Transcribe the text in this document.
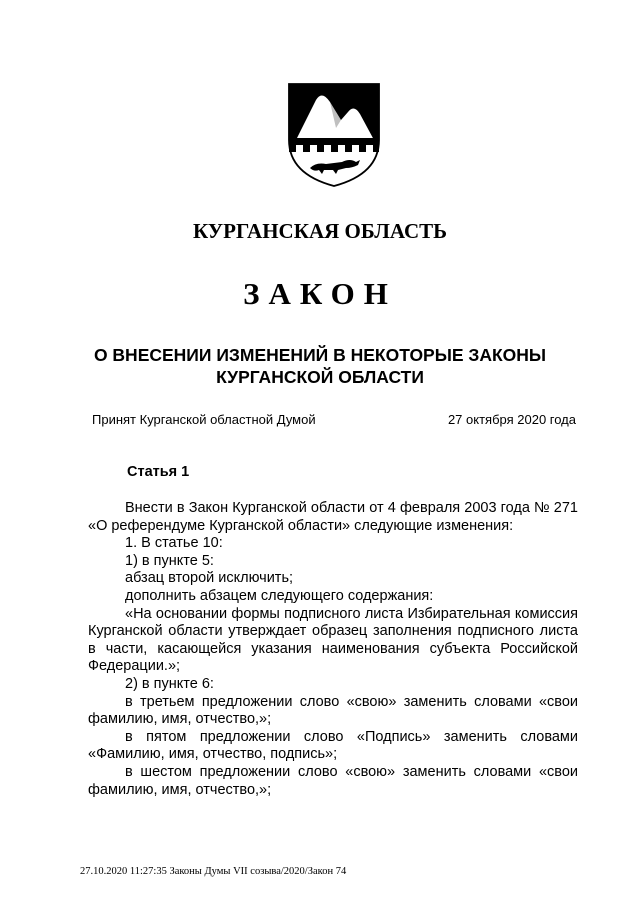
КУРГАНСКАЯ ОБЛАСТЬ
ЗАКОН
О ВНЕСЕНИИ ИЗМЕНЕНИЙ В НЕКОТОРЫЕ ЗАКОНЫ
КУРГАНСКОЙ ОБЛАСТИ
Принят Курганской областной Думой	27 октября 2020 года
Статья 1

Внести в Закон Курганской области от 4 февраля 2003 года № 271 «О референдуме Курганской области» следующие изменения:

1. В статье 10:

1) в пункте 5:

абзац второй исключить;

дополнить абзацем следующего содержания:

«На основании формы подписного листа Избирательная комиссия Курганской области утверждает образец заполнения подписного листа в части, касающейся указания наименования субъекта Российской Федерации.»;

2) в пункте 6:

в третьем предложении слово «свою» заменить словами «свои фамилию, имя, отчество,»;

в пятом предложении слово «Подпись» заменить словами «Фамилию, имя, отчество, подпись»;

в шестом предложении слово «свою» заменить словами «свои фамилию, имя, отчество,»;

27.10.2020 11:27:35 Законы Думы VII созыва/2020/Закон 74
